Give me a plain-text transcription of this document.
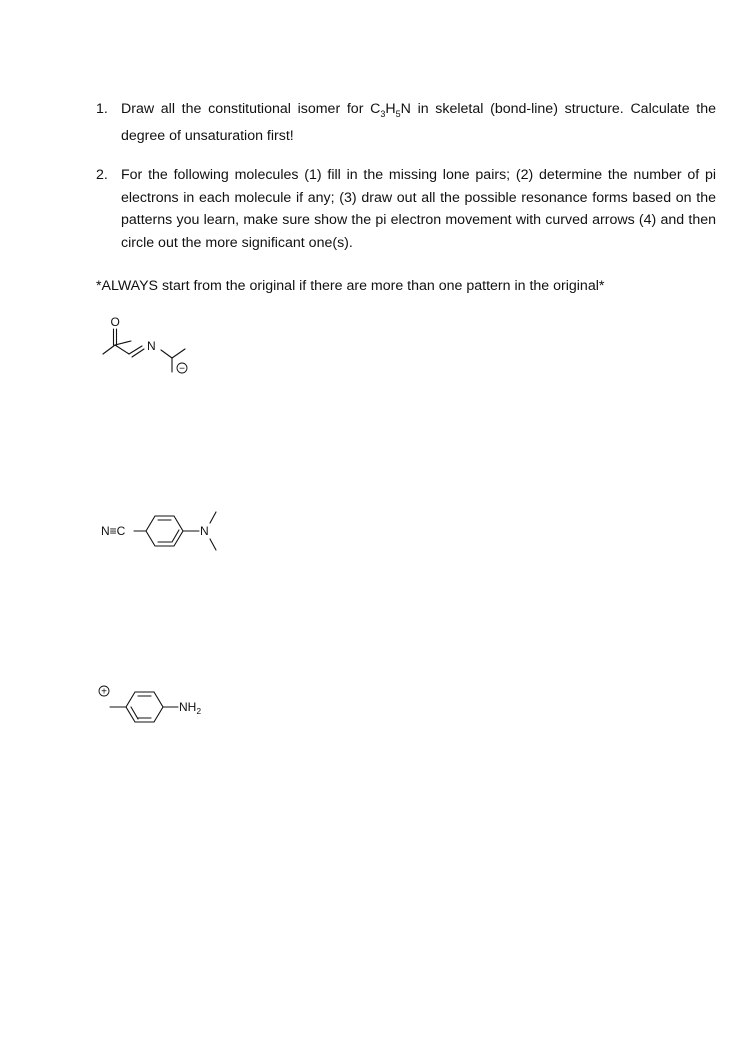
1. Draw all the constitutional isomer for $C_3H_5N$ in skeletal (bond-line) structure. Calculate the degree of unsaturation first!
2. For the following molecules (1) fill in the missing lone pairs; (2) determine the number of pi electrons in each molecule if any; (3) draw out all the possible resonance forms based on the patterns you learn, make sure show the pi electron movement with curved arrows (4) and then circle out the more significant one(s).
*ALWAYS start from the original if there are more than one pattern in the original*
O
N
−
N≡C	N
+
$NH_2$
